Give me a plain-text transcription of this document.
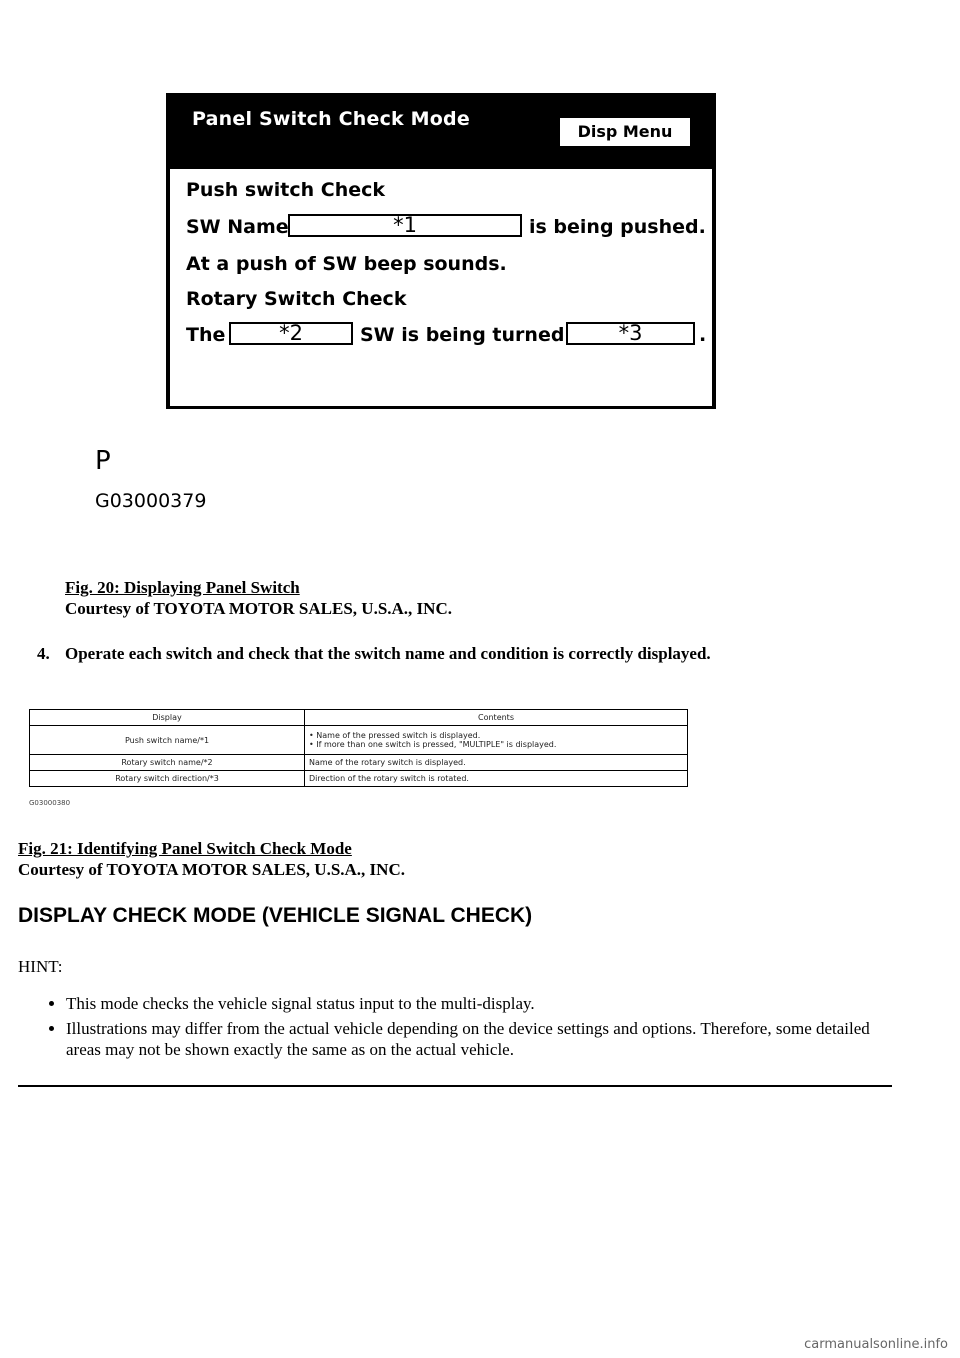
Panel Switch Check Mode
Disp Menu
Push switch Check
SW Name	*1	is being pushed.
At a push of SW beep sounds.
Rotary Switch Check
The	*2	SW is being turned	*3	.
P
G03000379
Fig. 20: Displaying Panel Switch
Courtesy of TOYOTA MOTOR SALES, U.S.A., INC.
4. Operate each switch and check that the switch name and condition is correctly displayed.
Display	Contents
Push switch name/*1	• Name of the pressed switch is displayed.
• If more than one switch is pressed, "MULTIPLE" is displayed.

Rotary switch name/*2	Name of the rotary switch is displayed.
Rotary switch direction/*3	Direction of the rotary switch is rotated.
G03000380
Fig. 21: Identifying Panel Switch Check Mode
Courtesy of TOYOTA MOTOR SALES, U.S.A., INC.
DISPLAY CHECK MODE (VEHICLE SIGNAL CHECK)
HINT:
• This mode checks the vehicle signal status input to the multi-display.
• Illustrations may differ from the actual vehicle depending on the device settings and options. Therefore, some detailed areas may not be shown exactly the same as on the actual vehicle.
carmanualsonline.info
